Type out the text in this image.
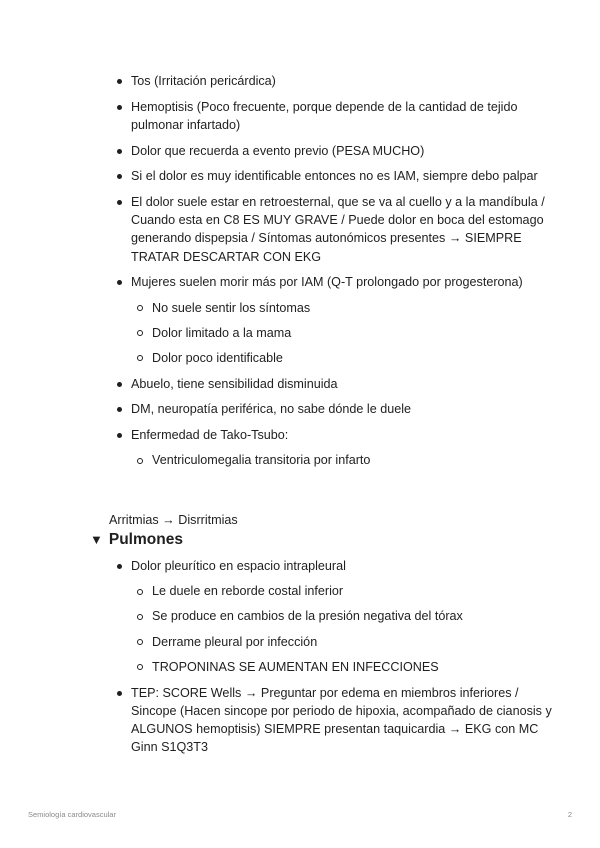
Tos (Irritación pericárdica)
Hemoptisis (Poco frecuente, porque depende de la cantidad de tejido pulmonar infartado)
Dolor que recuerda a evento previo (PESA MUCHO)
Si el dolor es muy identificable entonces no es IAM, siempre debo palpar
El dolor suele estar en retroesternal, que se va al cuello y a la mandíbula / Cuando esta en C8 ES MUY GRAVE / Puede dolor en boca del estomago generando dispepsia / Síntomas autonómicos presentes → SIEMPRE TRATAR DESCARTAR CON EKG
Mujeres suelen morir más por IAM (Q-T prolongado por progesterona)
No suele sentir los síntomas
Dolor limitado a la mama
Dolor poco identificable
Abuelo, tiene sensibilidad disminuida
DM, neuropatía periférica, no sabe dónde le duele
Enfermedad de Tako-Tsubo:
Ventriculomegalia transitoria por infarto
Arritmias → Disrritmias
▼ Pulmones
Dolor pleurítico en espacio intrapleural
Le duele en reborde costal inferior
Se produce en cambios de la presión negativa del tórax
Derrame pleural por infección
TROPONINAS SE AUMENTAN EN INFECCIONES
TEP: SCORE Wells → Preguntar por edema en miembros inferiores / Sincope (Hacen sincope por periodo de hipoxia, acompañado de cianosis y ALGUNOS hemoptisis) SIEMPRE presentan taquicardia → EKG con MC Ginn S1Q3T3
Semiología cardiovascular	2
